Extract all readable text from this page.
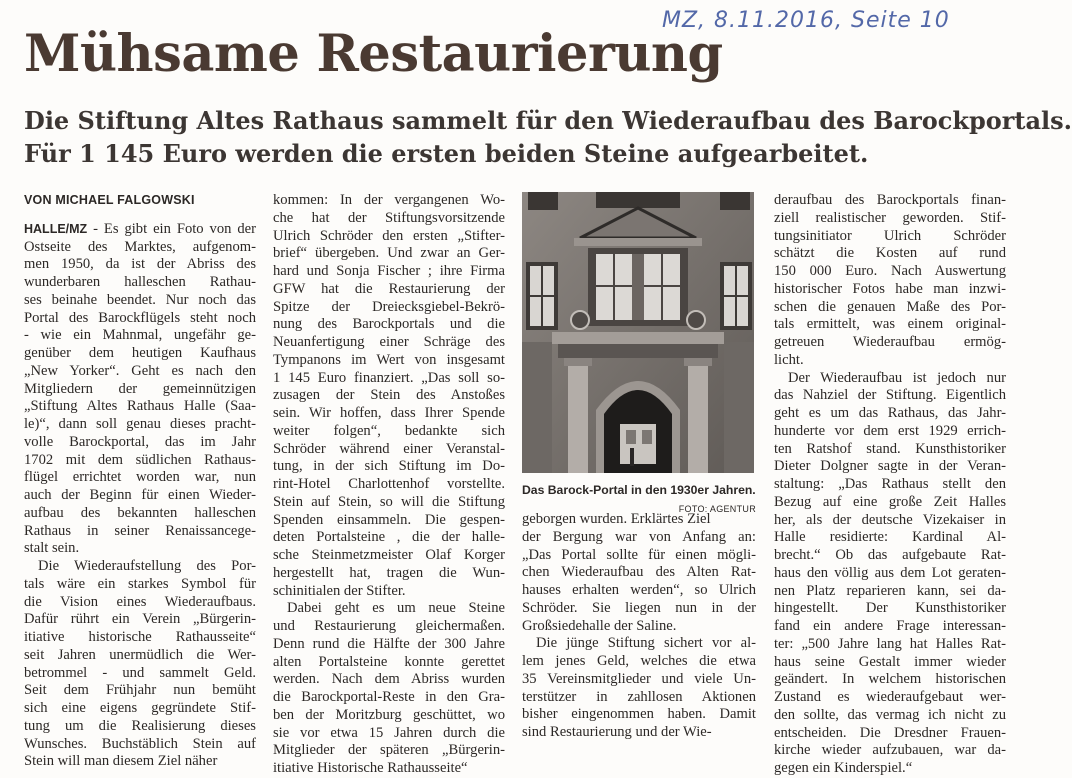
MZ, 8.11.2016, Seite 10
Mühsame Restaurierung
Die Stiftung Altes Rathaus sammelt für den Wiederaufbau des Barockportals.
Für 1 145 Euro werden die ersten beiden Steine aufgearbeitet.
VON MICHAEL FALGOWSKI
HALLE/MZ - Es gibt ein Foto von der
Ostseite des Marktes, aufgenom-
men 1950, da ist der Abriss des
wunderbaren halleschen Rathau-
ses beinahe beendet. Nur noch das
Portal des Barockflügels steht noch
- wie ein Mahnmal, ungefähr ge-
genüber dem heutigen Kaufhaus
„New Yorker“. Geht es nach den
Mitgliedern der gemeinnützigen
„Stiftung Altes Rathaus Halle (Saa-
le)“, dann soll genau dieses pracht-
volle Barockportal, das im Jahr
1702 mit dem südlichen Rathaus-
flügel errichtet worden war, nun
auch der Beginn für einen Wieder-
aufbau des bekannten halleschen
Rathaus in seiner Renaissancege-
stalt sein.
Die Wiederaufstellung des Por-
tals wäre ein starkes Symbol für
die Vision eines Wiederaufbaus.
Dafür rührt ein Verein „Bürgerin-
itiative historische Rathausseite“
seit Jahren unermüdlich die Wer-
betrommel - und sammelt Geld.
Seit dem Frühjahr nun bemüht
sich eine eigens gegründete Stif-
tung um die Realisierung dieses
Wunsches. Buchstäblich Stein auf
Stein will man diesem Ziel näher
kommen: In der vergangenen Wo-
che hat der Stiftungsvorsitzende
Ulrich Schröder den ersten „Stifter-
brief“ übergeben. Und zwar an Ger-
hard und Sonja Fischer ; ihre Firma
GFW hat die Restaurierung der
Spitze der Dreiecksgiebel-Bekrö-
nung des Barockportals und die
Neuanfertigung einer Schräge des
Tympanons im Wert von insgesamt
1 145 Euro finanziert. „Das soll so-
zusagen der Stein des Anstoßes
sein. Wir hoffen, dass Ihrer Spende
weiter folgen“, bedankte sich
Schröder während einer Veranstal-
tung, in der sich Stiftung im Do-
rint-Hotel Charlottenhof vorstellte.
Stein auf Stein, so will die Stiftung
Spenden einsammeln. Die gespen-
deten Portalsteine , die der halle-
sche Steinmetzmeister Olaf Korger
hergestellt hat, tragen die Wun-
schinitialen der Stifter.
Dabei geht es um neue Steine
und Restaurierung gleichermaßen.
Denn rund die Hälfte der 300 Jahre
alten Portalsteine konnte gerettet
werden. Nach dem Abriss wurden
die Barockportal-Reste in den Gra-
ben der Moritzburg geschüttet, wo
sie vor etwa 15 Jahren durch die
Mitglieder der späteren „Bürgerin-
itiative Historische Rathausseite“
Das Barock-Portal in den 1930er Jahren.
FOTO: AGENTUR
geborgen wurden. Erklärtes Ziel
der Bergung war von Anfang an:
„Das Portal sollte für einen mögli-
chen Wiederaufbau des Alten Rat-
hauses erhalten werden“, so Ulrich
Schröder. Sie liegen nun in der
Großsiedehalle der Saline.
Die jünge Stiftung sichert vor al-
lem jenes Geld, welches die etwa
35 Vereinsmitglieder und viele Un-
terstützer in zahllosen Aktionen
bisher eingenommen haben. Damit
sind Restaurierung und der Wie-
deraufbau des Barockportals finan-
ziell realistischer geworden. Stif-
tungsinitiator Ulrich Schröder
schätzt die Kosten auf rund
150 000 Euro. Nach Auswertung
historischer Fotos habe man inzwi-
schen die genauen Maße des Por-
tals ermittelt, was einem original-
getreuen Wiederaufbau ermög-
licht.
Der Wiederaufbau ist jedoch nur
das Nahziel der Stiftung. Eigentlich
geht es um das Rathaus, das Jahr-
hunderte vor dem erst 1929 errich-
ten Ratshof stand. Kunsthistoriker
Dieter Dolgner sagte in der Veran-
staltung: „Das Rathaus stellt den
Bezug auf eine große Zeit Halles
her, als der deutsche Vizekaiser in
Halle residierte: Kardinal Al-
brecht.“ Ob das aufgebaute Rat-
haus den völlig aus dem Lot geraten-
nen Platz reparieren kann, sei da-
hingestellt. Der Kunsthistoriker
fand ein andere Frage interessan-
ter: „500 Jahre lang hat Halles Rat-
haus seine Gestalt immer wieder
geändert. In welchem historischen
Zustand es wiederaufgebaut wer-
den sollte, das vermag ich nicht zu
entscheiden. Die Dresdner Frauen-
kirche wieder aufzubauen, war da-
gegen ein Kinderspiel.“
